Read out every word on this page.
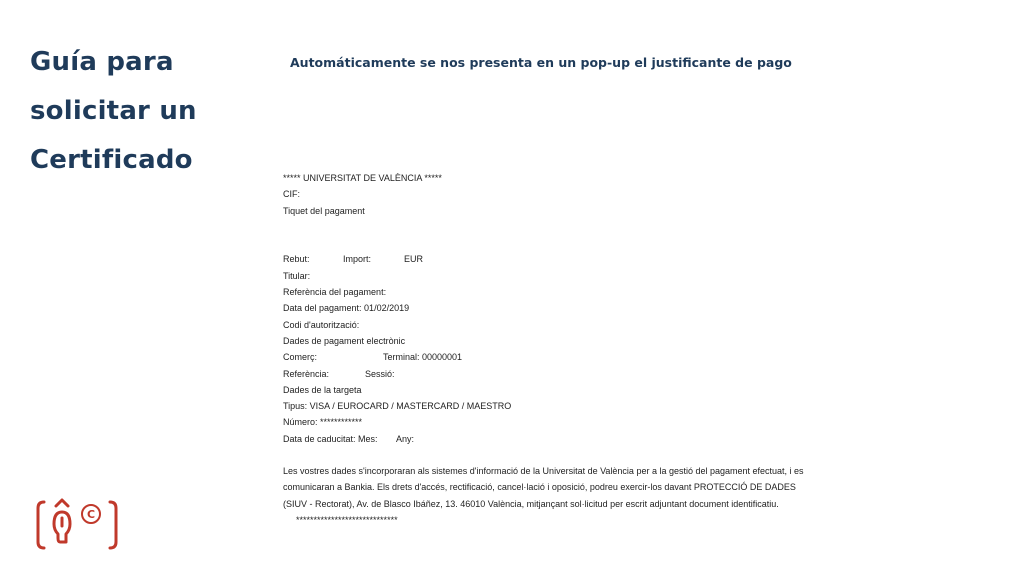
Guía para
solicitar un
Certificado
Automáticamente se nos presenta en un pop-up el justificante de pago
***** UNIVERSITAT DE VALÈNCIA *****
CIF:
Tiquet del pagament
Rebut:	Import:	EUR
Titular:
Referència del pagament:
Data del pagament: 01/02/2019
Codi d'autorització:
Dades de pagament electrònic
Comerç:	Terminal: 00000001
Referència:	Sessió:
Dades de la targeta
Tipus: VISA / EUROCARD / MASTERCARD / MAESTRO
Número: ************
Data de caducitat: Mes: Any:
Les vostres dades s'incorporaran als sistemes d'informació de la Universitat de València per a la gestió del pagament efectuat, i es
comunicaran a Bankia. Els drets d'accés, rectificació, cancel·lació i oposició, podreu exercir-los davant PROTECCIÓ DE DADES
(SIUV - Rectorat), Av. de Blasco Ibáñez, 13. 46010 València, mitjançant sol·licitud per escrit adjuntant document identificatiu.
*****************************
C
